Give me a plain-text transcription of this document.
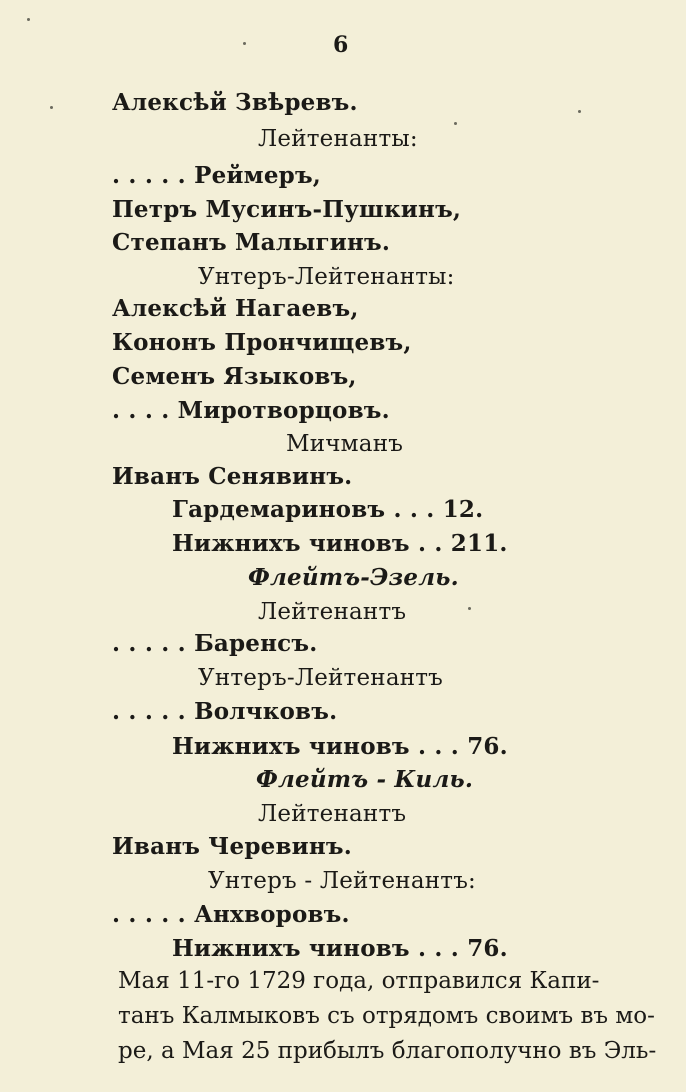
6
Алексѣй Звѣревъ.
Лейтенанты:
. . . . . Реймеръ,
Петръ Мусинъ-Пушкинъ,
Степанъ Малыгинъ.
Унтеръ-Лейтенанты:
Алексѣй Нагаевъ,
Кононъ Прончищевъ,
Семенъ Языковъ,
. . . . Миротворцовъ.
Мичманъ
Иванъ Сенявинъ.
Гардемариновъ . . . 12.
Нижнихъ чиновъ . . 211.
Флейтъ-Эзель.
Лейтенантъ
. . . . . Баренсъ.
Унтеръ-Лейтенантъ
. . . . . Волчковъ.
Нижнихъ чиновъ . . . 76.
Флейтъ - Киль.
Лейтенантъ
Иванъ Черевинъ.
Унтеръ - Лейтенантъ:
. . . . . Анхворовъ.
Нижнихъ чиновъ . . . 76.
Мая 11-го 1729 года, отправился Капи-
танъ Калмыковъ съ отрядомъ своимъ въ мо-
ре, а Мая 25 прибылъ благополучно въ Эль-
